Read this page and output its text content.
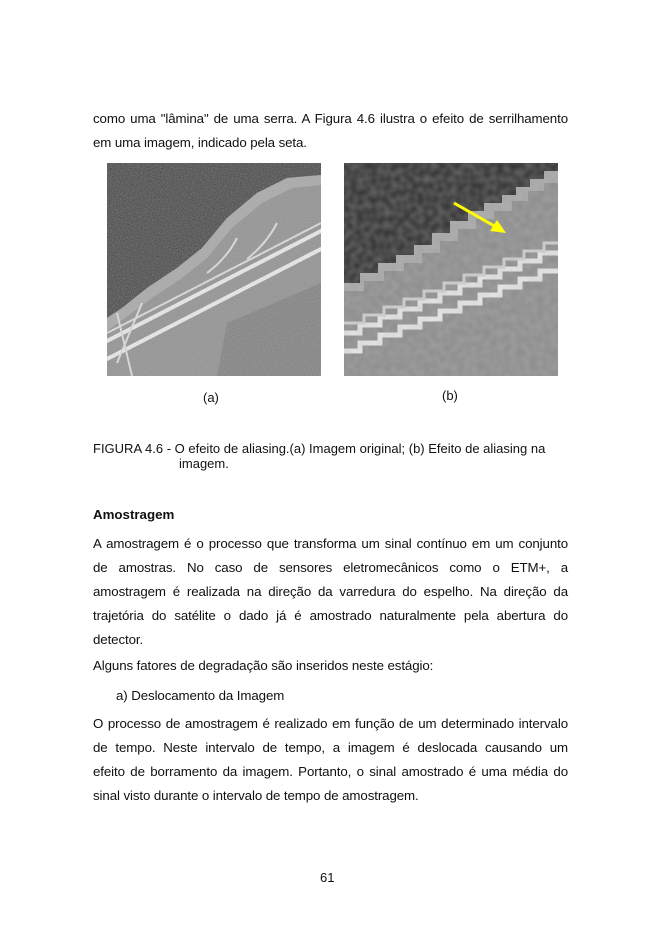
como uma "lâmina" de uma serra. A Figura 4.6 ilustra o efeito de serrilhamento
em uma imagem, indicado pela seta.
(a)	(b)
FIGURA 4.6 - O efeito de aliasing.(a) Imagem original; (b) Efeito de aliasing na
imagem.
Amostragem
A amostragem é o processo que transforma um sinal contínuo em um conjunto
de amostras. No caso de sensores eletromecânicos como o ETM+, a
amostragem é realizada na direção da varredura do espelho. Na direção da
trajetória do satélite o dado já é amostrado naturalmente pela abertura do
detector.
Alguns fatores de degradação são inseridos neste estágio:
a) Deslocamento da Imagem
O processo de amostragem é realizado em função de um determinado intervalo
de tempo. Neste intervalo de tempo, a imagem é deslocada causando um
efeito de borramento da imagem. Portanto, o sinal amostrado é uma média do
sinal visto durante o intervalo de tempo de amostragem.
61
